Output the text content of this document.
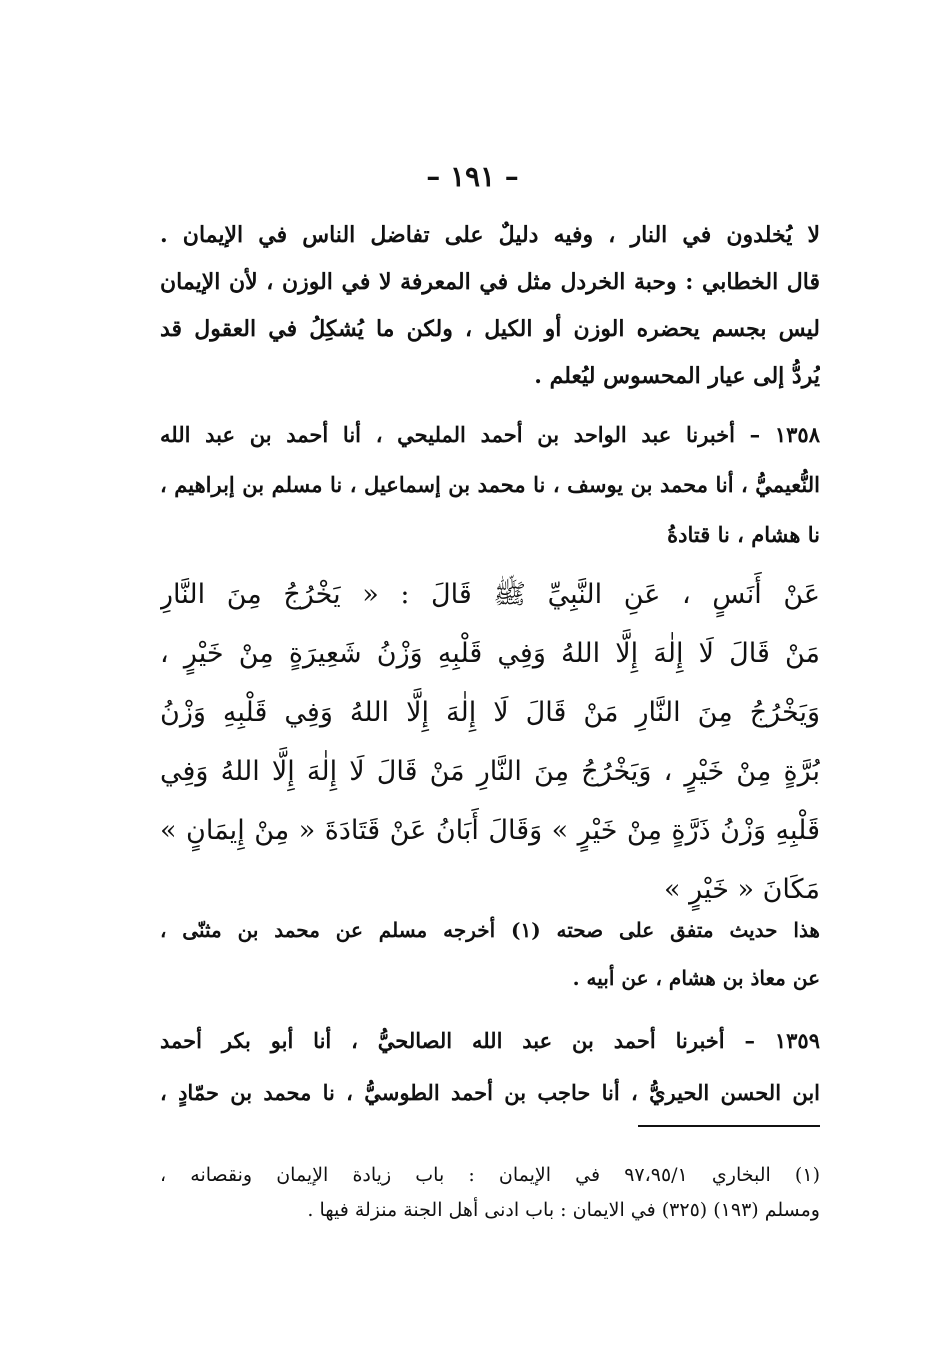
– ١٩١ –
لا يُخلدون في النار ، وفيه دليلٌ على تفاضل الناس في الإيمان .
قال الخطابي : وحبة الخردل مثل في المعرفة لا في الوزن ، لأن الإيمان
ليس بجسم يحضره الوزن أو الكيل ، ولكن ما يُشكِلُ في العقول قد
يُردُّ إلى عيار المحسوس ليُعلم .
١٣٥٨ – أخبرنا عبد الواحد بن أحمد المليحي ، أنا أحمد بن عبد الله
النُّعيميُّ ، أنا محمد بن يوسف ، نا محمد بن إسماعيل ، نا مسلم بن إبراهيم ،
نا هشام ، نا قتادةُ
عَنْ أَنَسٍ ، عَنِ النَّبِيِّ ﷺ قَالَ : « يَخْرُجُ مِنَ النَّارِ
مَنْ قَالَ لَا إِلٰهَ إِلَّا اللهُ وَفِي قَلْبِهِ وَزْنُ شَعِيرَةٍ مِنْ خَيْرٍ ،
وَيَخْرُجُ مِنَ النَّارِ مَنْ قَالَ لَا إِلٰهَ إِلَّا اللهُ وَفِي قَلْبِهِ وَزْنُ
بُرَّةٍ مِنْ خَيْرٍ ، وَيَخْرُجُ مِنَ النَّارِ مَنْ قَالَ لَا إِلٰهَ إِلَّا اللهُ وَفِي
قَلْبِهِ وَزْنُ ذَرَّةٍ مِنْ خَيْرٍ » وَقَالَ أَبَانُ عَنْ قَتَادَةَ « مِنْ إِيمَانٍ »
مَكَانَ « خَيْرٍ »
هذا حديث متفق على صحته (١) أخرجه مسلم عن محمد بن مثنّى ،
عن معاذ بن هشام ، عن أبيه .
١٣٥٩ – أخبرنا أحمد بن عبد الله الصالحيُّ ، أنا أبو بكر أحمد
ابن الحسن الحيريُّ ، أنا حاجب بن أحمد الطوسيُّ ، نا محمد بن حمّادٍ ،
(١) البخاري ٩٧،٩٥/١ في الإيمان : باب زيادة الإيمان ونقصانه ،
ومسلم (١٩٣) (٣٢٥) في الايمان : باب ادنى أهل الجنة منزلة فيها .
